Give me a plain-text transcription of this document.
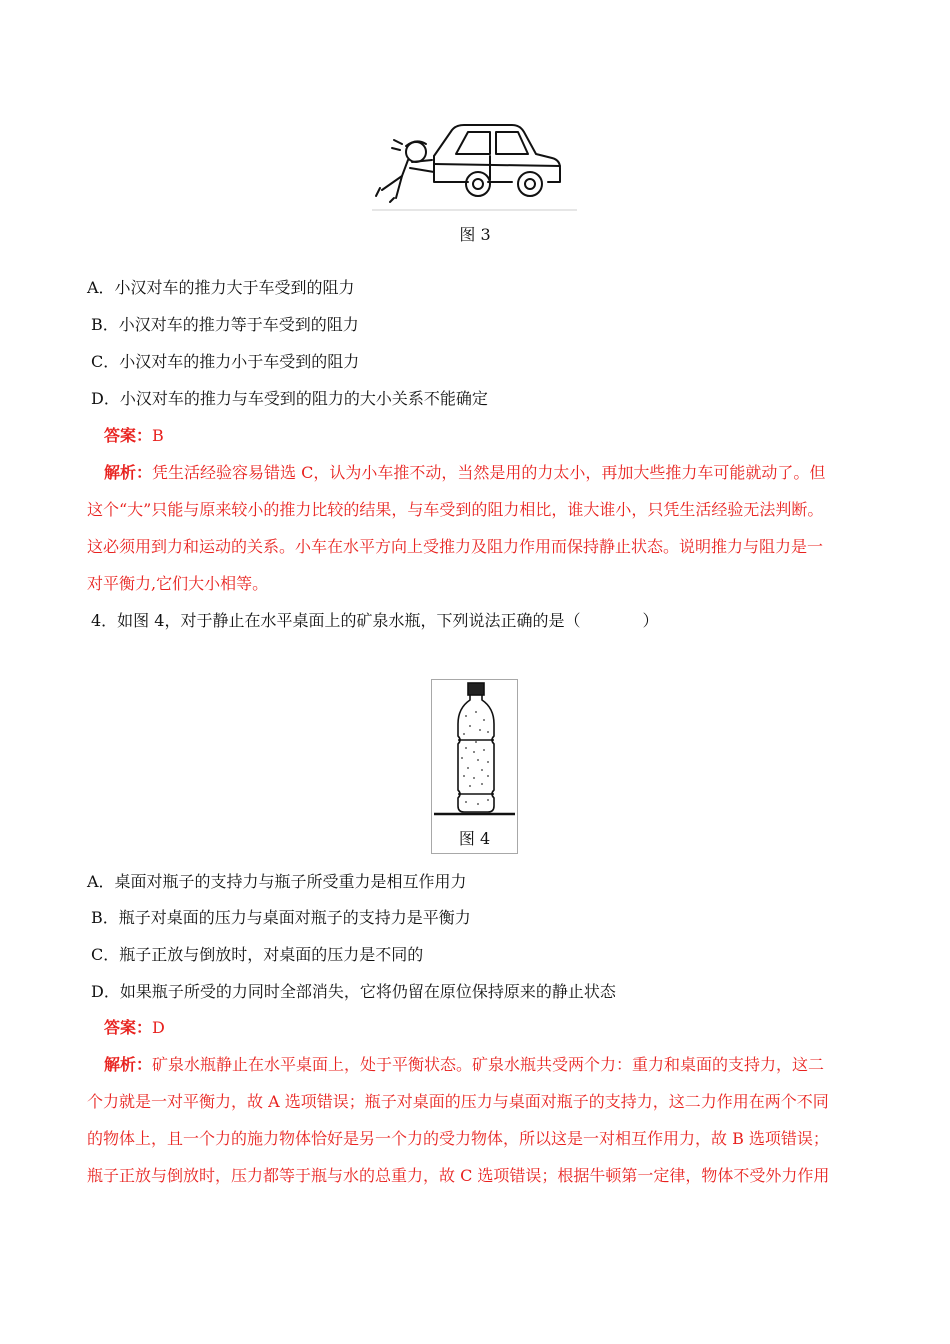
图 3
A．小汉对车的推力大于车受到的阻力
B．小汉对车的推力等于车受到的阻力
C．小汉对车的推力小于车受到的阻力
D．小汉对车的推力与车受到的阻力的大小关系不能确定
答案：B
解析：凭生活经验容易错选 C，认为小车推不动，当然是用的力太小，再加大些推力车可能就动了。但
这个“大”只能与原来较小的推力比较的结果，与车受到的阻力相比，谁大谁小，只凭生活经验无法判断。
这必须用到力和运动的关系。小车在水平方向上受推力及阻力作用而保持静止状态。说明推力与阻力是一
对平衡力,它们大小相等。
4．如图 4，对于静止在水平桌面上的矿泉水瓶，下列说法正确的是（	）
图 4
A．桌面对瓶子的支持力与瓶子所受重力是相互作用力
B．瓶子对桌面的压力与桌面对瓶子的支持力是平衡力
C．瓶子正放与倒放时，对桌面的压力是不同的
D．如果瓶子所受的力同时全部消失，它将仍留在原位保持原来的静止状态
答案：D
解析：矿泉水瓶静止在水平桌面上，处于平衡状态。矿泉水瓶共受两个力：重力和桌面的支持力，这二
个力就是一对平衡力，故 A 选项错误；瓶子对桌面的压力与桌面对瓶子的支持力，这二力作用在两个不同
的物体上，且一个力的施力物体恰好是另一个力的受力物体，所以这是一对相互作用力，故 B 选项错误；
瓶子正放与倒放时，压力都等于瓶与水的总重力，故 C 选项错误；根据牛顿第一定律，物体不受外力作用
